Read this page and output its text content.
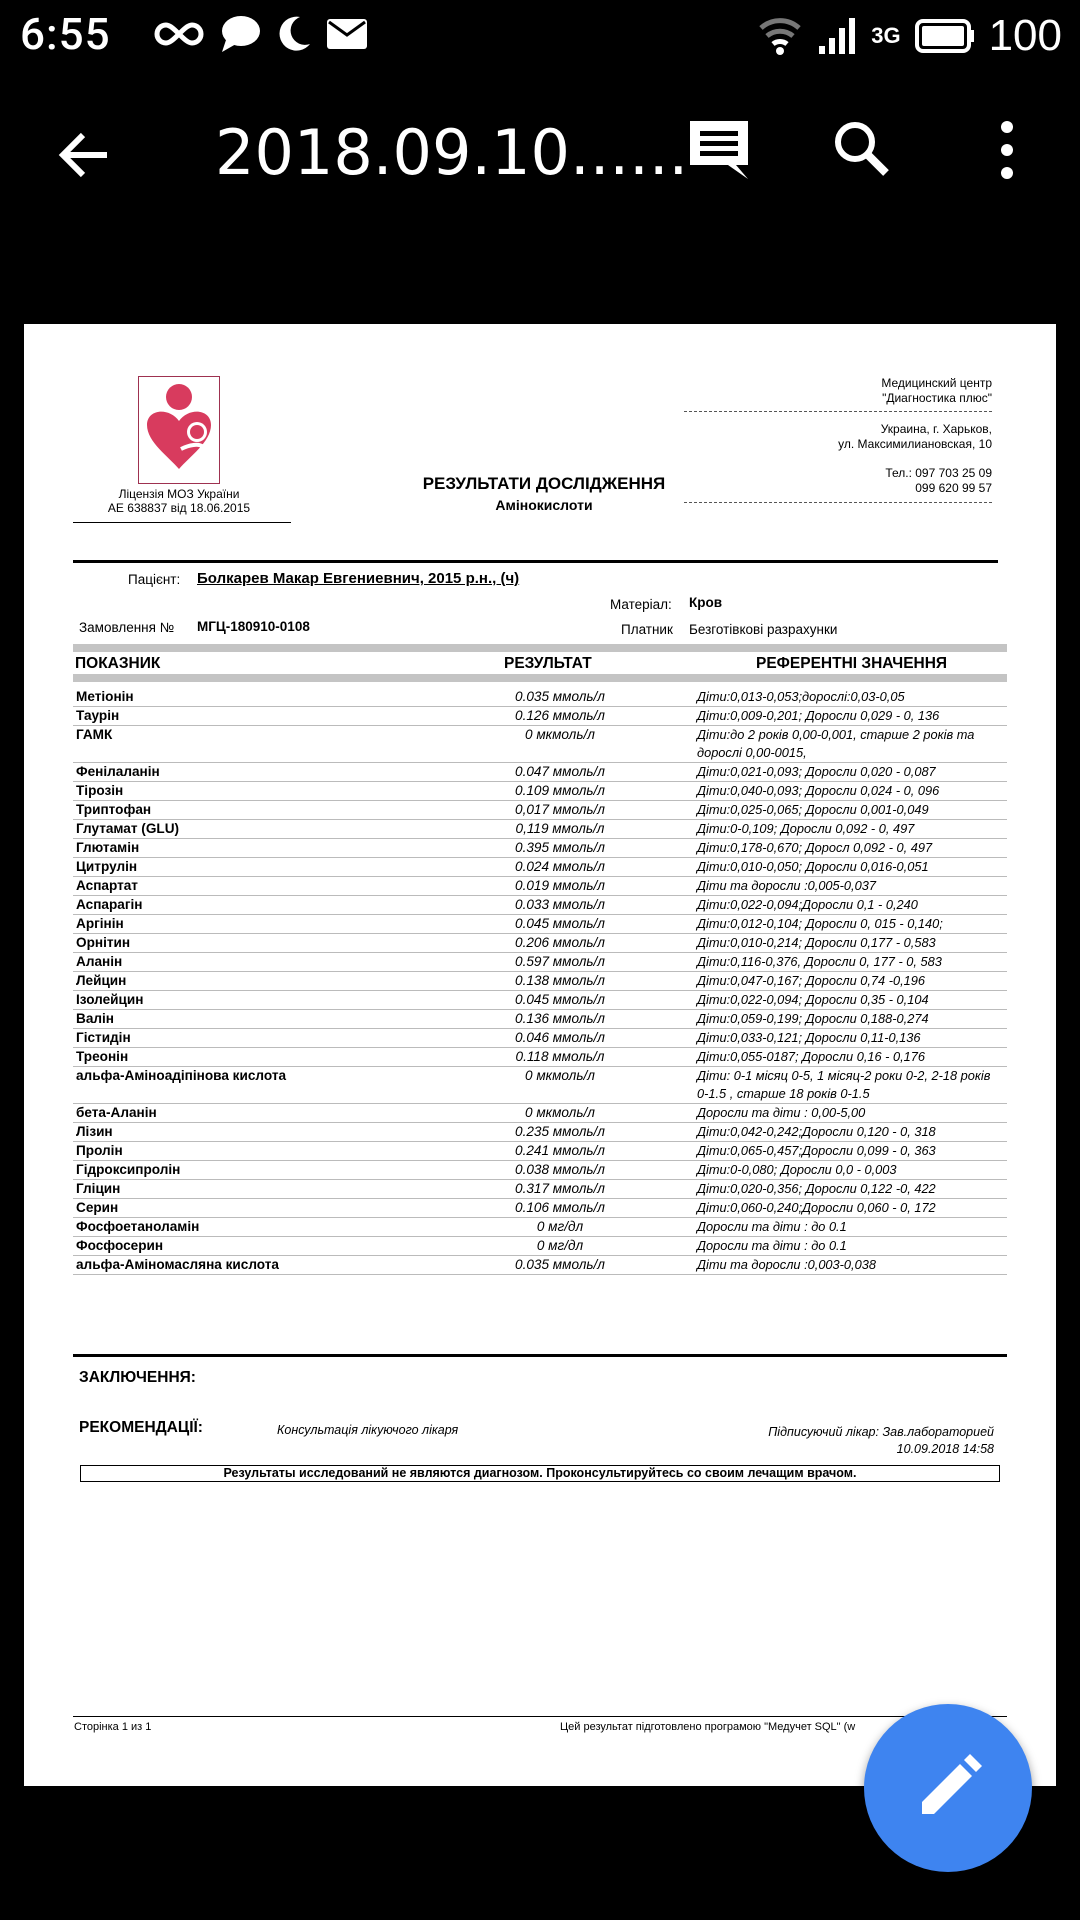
6:55	3G 100
2018.09.10......
Ліцензія МОЗ України
АЕ 638837 від 18.06.2015
РЕЗУЛЬТАТИ ДОСЛІДЖЕННЯ
Амінокислоти
Медицинский центр
"Диагностика плюс"
Украина, г. Харьков,
ул. Максимилиановская, 10
Тел.: 097 703 25 09
099 620 99 57
Пацієнт: Болкарев Макар Евгениевнич, 2015 р.н., (ч)
Матеріал: Кров
Замовлення № МГЦ-180910-0108	Платник Безготівкові разрахунки
ПОКАЗНИК	РЕЗУЛЬТАТ	РЕФЕРЕНТНІ ЗНАЧЕННЯ
ЗАКЛЮЧЕННЯ:
РЕКОМЕНДАЦІЇ:	Консультація лікуючого лікаря	Підписуючий лікар: Зав.лабораторией
10.09.2018 14:58
Результаты исследований не являются диагнозом. Проконсультируйтесь со своим лечащим врачом.
Сторінка 1 из 1	Цей результат підготовлено програмою "Медучет SQL" (w
Метіонін	0.035 ммоль/л	Діти:0,013-0,053;дорослі:0,03-0,05
Таурін	0.126 ммоль/л	Діти:0,009-0,201; Доросли 0,029 - 0, 136
ГАМК	0 мкмоль/л	Діти:до 2 років 0,00-0,001, старше 2 років та дорослі 0,00-0015,
Фенілаланін	0.047 ммоль/л	Діти:0,021-0,093; Доросли 0,020 - 0,087
Тірозін	0.109 ммоль/л	Діти:0,040-0,093; Доросли 0,024 - 0, 096
Триптофан	0,017 ммоль/л	Діти:0,025-0,065; Доросли 0,001-0,049
Глутамат (GLU)	0,119 ммоль/л	Діти:0-0,109; Доросли 0,092 - 0, 497
Глютамін	0.395 ммоль/л	Діти:0,178-0,670; Доросл 0,092 - 0, 497
Цитрулін	0.024 ммоль/л	Діти:0,010-0,050; Доросли 0,016-0,051
Аспартат	0.019 ммоль/л	Діти та доросли :0,005-0,037
Аспарагін	0.033 ммоль/л	Діти:0,022-0,094;Доросли 0,1 - 0,240
Аргінін	0.045 ммоль/л	Діти:0,012-0,104; Доросли 0, 015 - 0,140;
Орнітин	0.206 ммоль/л	Діти:0,010-0,214; Доросли 0,177 - 0,583
Аланін	0.597 ммоль/л	Діти:0,116-0,376, Доросли 0, 177 - 0, 583
Лейцин	0.138 ммоль/л	Діти:0,047-0,167; Доросли 0,74 -0,196
Ізолейцин	0.045 ммоль/л	Діти:0,022-0,094; Доросли 0,35 - 0,104
Валін	0.136 ммоль/л	Діти:0,059-0,199; Доросли 0,188-0,274
Гістидін	0.046 ммоль/л	Діти:0,033-0,121; Доросли 0,11-0,136
Треонін	0.118 ммоль/л	Діти:0,055-0187; Доросли 0,16 - 0,176
альфа-Аміноадіпінова кислота	0 мкмоль/л	Діти: 0-1 місяц 0-5, 1 місяц-2 роки 0-2, 2-18 років 0-1.5 , старше 18 років 0-1.5
бета-Аланін	0 мкмоль/л	Доросли та діти : 0,00-5,00
Лізин	0.235 ммоль/л	Діти:0,042-0,242;Доросли 0,120 - 0, 318
Пролін	0.241 ммоль/л	Діти:0,065-0,457;Доросли 0,099 - 0, 363
Гідроксипролін	0.038 ммоль/л	Діти:0-0,080; Доросли 0,0 - 0,003
Гліцин	0.317 ммоль/л	Діти:0,020-0,356; Доросли 0,122 -0, 422
Серин	0.106 ммоль/л	Діти:0,060-0,240;Доросли 0,060 - 0, 172
Фосфоетаноламін	0 мг/дл	Доросли та діти : до 0.1
Фосфосерин	0 мг/дл	Доросли та діти : до 0.1
альфа-Аміномасляна кислота	0.035 ммоль/л	Діти та доросли :0,003-0,038
